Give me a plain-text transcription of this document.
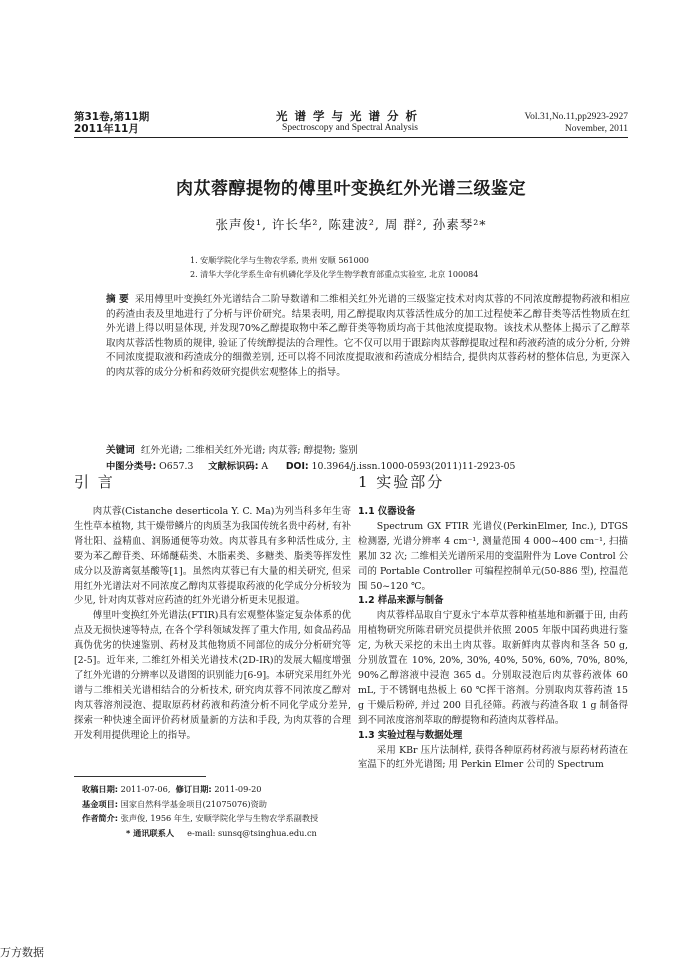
第31卷,第11期
2011年11月
光谱学与光谱分析
Spectroscopy and Spectral Analysis
Vol.31,No.11,pp2923-2927
November, 2011
肉苁蓉醇提物的傅里叶变换红外光谱三级鉴定
张声俊¹, 许长华², 陈建波², 周 群², 孙素琴²*
1. 安顺学院化学与生物农学系, 贵州 安顺 561000
2. 清华大学化学系生命有机磷化学及化学生物学教育部重点实验室, 北京 100084
摘 要 采用傅里叶变换红外光谱结合二阶导数谱和二维相关红外光谱的三级鉴定技术对肉苁蓉的不同浓度醇提物药液和相应的药渣由表及里地进行了分析与评价研究。结果表明, 用乙醇提取肉苁蓉活性成分的加工过程使苯乙醇苷类等活性物质在红外光谱上得以明显体现, 并发现70%乙醇提取物中苯乙醇苷类等物质均高于其他浓度提取物。该技术从整体上揭示了乙醇萃取肉苁蓉活性物质的规律, 验证了传统醇提法的合理性。它不仅可以用于跟踪肉苁蓉醇提取过程和药液药渣的成分分析, 分辨不同浓度提取液和药渣成分的细微差别, 还可以将不同浓度提取液和药渣成分相结合, 提供肉苁蓉药材的整体信息, 为更深入的肉苁蓉的成分分析和药效研究提供宏观整体上的指导。
关键词 红外光谱; 二维相关红外光谱; 肉苁蓉; 醇提物; 鉴别
中图分类号: O657.3 文献标识码: A DOI: 10.3964/j.issn.1000-0593(2011)11-2923-05
引 言

肉苁蓉(Cistanche deserticola Y. C. Ma)为列当科多年生寄生性草本植物, 其干燥带鳞片的肉质茎为我国传统名贵中药材, 有补肾壮阳、益精血、润肠通便等功效。肉苁蓉具有多种活性成分, 主要为苯乙醇苷类、环烯醚萜类、木脂素类、多糖类、脂类等挥发性成分以及游离氨基酸等[1]。虽然肉苁蓉已有大量的相关研究, 但采用红外光谱法对不同浓度乙醇肉苁蓉提取药液的化学成分分析较为少见, 针对肉苁蓉对应药渣的红外光谱分析更未见报道。

傅里叶变换红外光谱法(FTIR)具有宏观整体鉴定复杂体系的优点及无损快速等特点, 在各个学科领域发挥了重大作用, 如食品药品真伪优劣的快速鉴别、药材及其他物质不同部位的成分分析研究等[2-5]。近年来, 二维红外相关光谱技术(2D-IR)的发展大幅度增强了红外光谱的分辨率以及谱图的识别能力[6-9]。本研究采用红外光谱与二维相关光谱相结合的分析技术, 研究肉苁蓉不同浓度乙醇对肉苁蓉溶剂浸泡、提取原药材药液和药渣分析不同化学成分差异, 探索一种快速全面评价药材质量新的方法和手段, 为肉苁蓉的合理开发利用提供理论上的指导。

1 实验部分

1.1 仪器设备

Spectrum GX FTIR 光谱仪(PerkinElmer, Inc.), DTGS 检测器, 光谱分辨率 4 cm⁻¹, 测量范围 4 000~400 cm⁻¹, 扫描累加 32 次; 二维相关光谱所采用的变温附件为 Love Control 公司的 Portable Controller 可编程控制单元(50-886 型), 控温范围 50~120 ℃。

1.2 样品来源与制备

肉苁蓉样品取自宁夏永宁本草苁蓉种植基地和新疆于田, 由药用植物研究所陈君研究员提供并依照 2005 年版中国药典进行鉴定, 为秋天采挖的未出土肉苁蓉。取新鲜肉苁蓉肉和茎各 50 g, 分别放置在 10%, 20%, 30%, 40%, 50%, 60%, 70%, 80%, 90%乙醇溶液中浸泡 365 d。分别取浸泡后肉苁蓉药液体 60 mL, 于不锈钢电热板上 60 ℃挥干溶剂。分别取肉苁蓉药渣 15 g 干燥后粉碎, 并过 200 目孔径筛。药液与药渣各取 1 g 制备得到不同浓度溶剂萃取的醇提物和药渣肉苁蓉样品。

1.3 实验过程与数据处理

采用 KBr 压片法制样, 获得各种原药材药液与原药材药渣在室温下的红外光谱图; 用 Perkin Elmer 公司的 Spectrum

收稿日期: 2011-07-06, 修订日期: 2011-09-20
基金项目: 国家自然科学基金项目(21075076)资助
作者简介: 张声俊, 1956 年生, 安顺学院化学与生物农学系副教授
* 通讯联系人 e-mail: sunsq@tsinghua.edu.cn
万方数据
